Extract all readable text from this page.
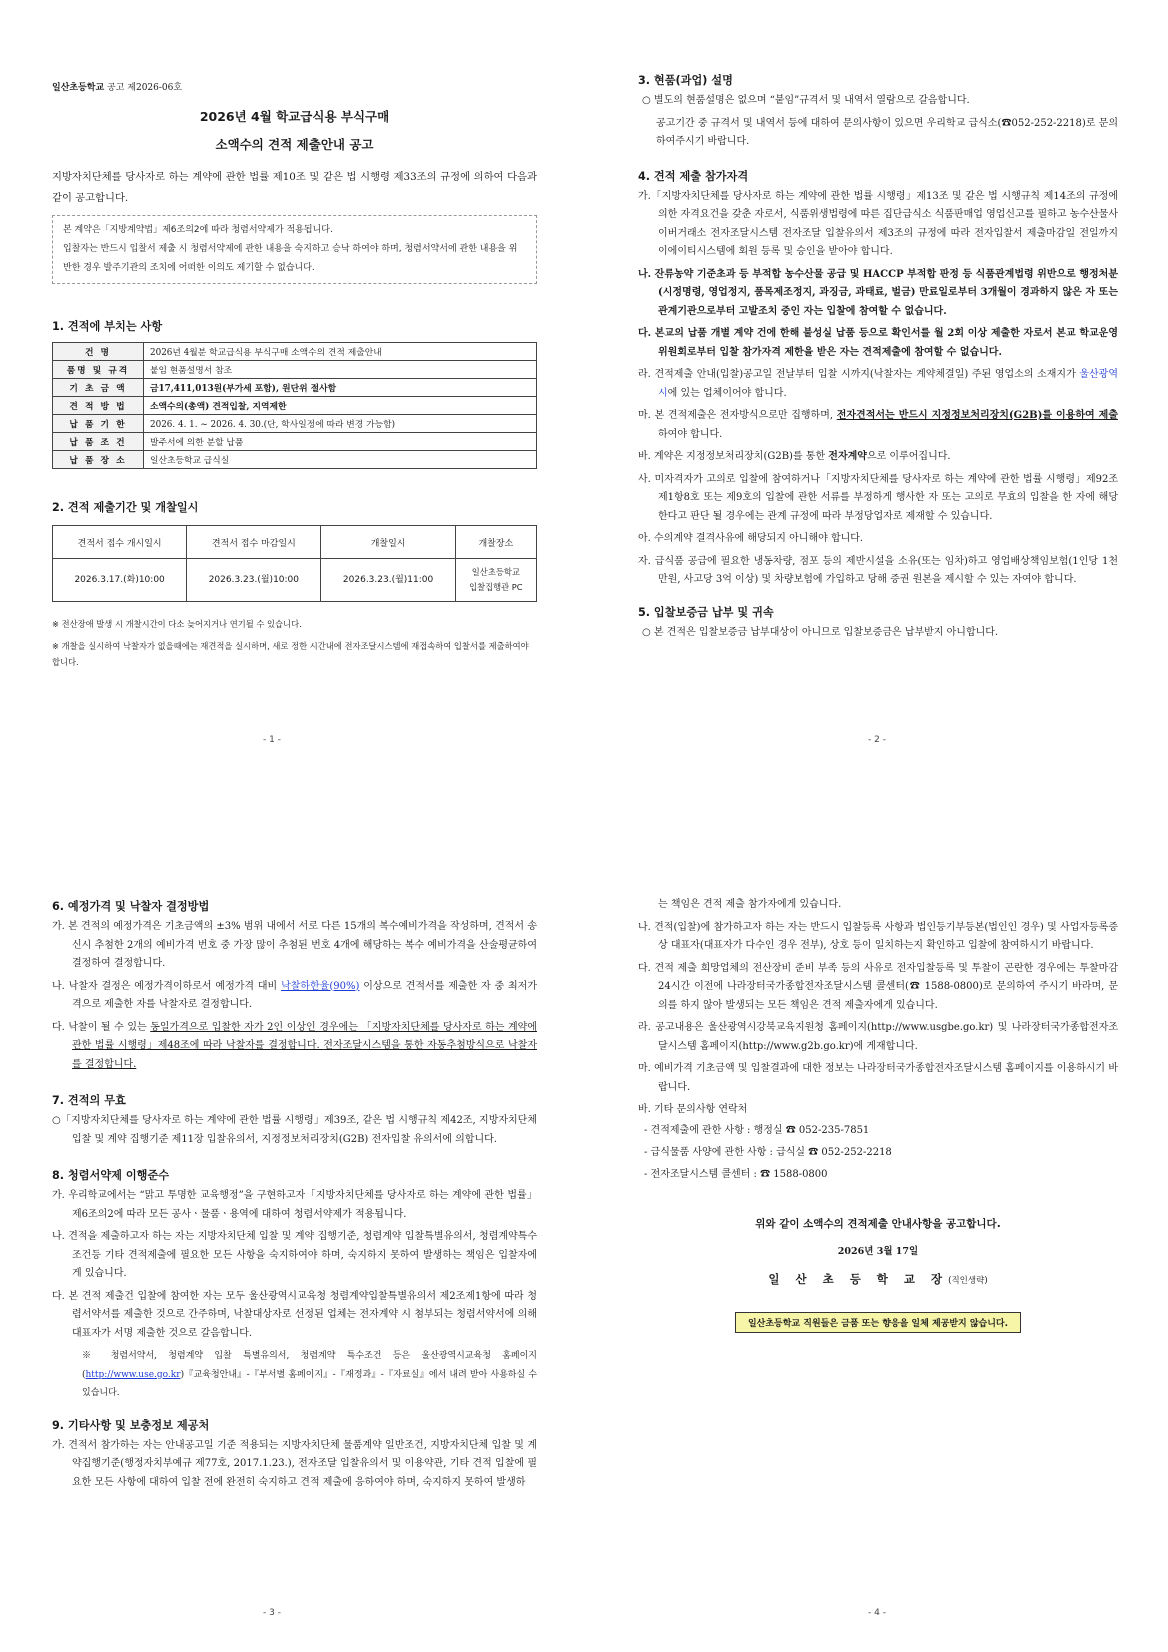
일산초등학교 공고 제2026-06호
2026년 4월 학교급식용 부식구매
소액수의 견적 제출안내 공고
지방자치단체를 당사자로 하는 계약에 관한 법률 제10조 및 같은 법 시행령 제33조의 규정에 의하여 다음과 같이 공고합니다.
본 계약은「지방계약법」제6조의2에 따라 청렴서약제가 적용됩니다.
입찰자는 반드시 입찰서 제출 시 청렴서약제에 관한 내용을 숙지하고 승낙 하여야 하며, 청렴서약서에 관한 내용을 위반한 경우 발주기관의 조치에 어떠한 이의도 제기할 수 없습니다.
1. 견적에 부치는 사항
건 명	2026년 4월분 학교급식용 부식구매 소액수의 견적 제출안내
품명 및 규격	붙임 현품설명서 참조
기 초 금 액	금17,411,013원(부가세 포함), 원단위 절사함
견 적 방 법	소액수의(총액) 견적입찰, 지역제한
납 품 기 한	2026. 4. 1. ~ 2026. 4. 30.(단, 학사일정에 따라 변경 가능함)
납 품 조 건	발주서에 의한 분할 납품
납 품 장 소	일산초등학교 급식실
2. 견적 제출기간 및 개찰일시
견적서 접수 개시일시	견적서 접수 마감일시	개찰일시	개찰장소
2026.3.17.(화)10:00	2026.3.23.(월)10:00	2026.3.23.(월)11:00	일산초등학교
입찰집행관 PC
※ 전산장애 발생 시 개찰시간이 다소 늦어지거나 연기될 수 있습니다.
※ 개찰을 실시하여 낙찰자가 없을때에는 재견적을 실시하며, 새로 정한 시간내에 전자조달시스템에 재접속하여 입찰서를 제출하여야 합니다.
- 1 -
3. 현품(과업) 설명
○ 별도의 현품설명은 없으며 “붙임”규격서 및 내역서 열람으로 갈음합니다.
공고기간 중 규격서 및 내역서 등에 대하여 문의사항이 있으면 우리학교 급식소(☎052-252-2218)로 문의하여주시기 바랍니다.
4. 견적 제출 참가자격
가.「지방자치단체를 당사자로 하는 계약에 관한 법률 시행령」제13조 및 같은 법 시행규칙 제14조의 규정에 의한 자격요건을 갖춘 자로서, 식품위생법령에 따른 집단급식소 식품판매업 영업신고를 필하고 농수산물사이버거래소 전자조달시스템 전자조달 입찰유의서 제3조의 규정에 따라 전자입찰서 제출마감일 전일까지 이에이티시스템에 회원 등록 및 승인을 받아야 합니다.
나. 잔류농약 기준초과 등 부적합 농수산물 공급 및 HACCP 부적합 판정 등 식품관계법령 위반으로 행정처분(시정명령, 영업정지, 품목제조정지, 과징금, 과태료, 벌금) 만료일로부터 3개월이 경과하지 않은 자 또는 관계기관으로부터 고발조치 중인 자는 입찰에 참여할 수 없습니다.
다. 본교의 납품 개별 계약 건에 한해 불성실 납품 등으로 확인서를 월 2회 이상 제출한 자로서 본교 학교운영위원회로부터 입찰 참가자격 제한을 받은 자는 견적제출에 참여할 수 없습니다.
라. 견적제출 안내(입찰)공고일 전날부터 입찰 시까지(낙찰자는 계약체결일) 주된 영업소의 소재지가 울산광역시에 있는 업체이어야 합니다.
마. 본 견적제출은 전자방식으로만 집행하며, 전자견적서는 반드시 지정정보처리장치(G2B)를 이용하여 제출하여야 합니다.
바. 계약은 지정정보처리장치(G2B)를 통한 전자계약으로 이루어집니다.
사. 미자격자가 고의로 입찰에 참여하거나「지방자치단체를 당사자로 하는 계약에 관한 법률 시행령」제92조제1항8호 또는 제9호의 입찰에 관한 서류를 부정하게 행사한 자 또는 고의로 무효의 입찰을 한 자에 해당한다고 판단 될 경우에는 관계 규정에 따라 부정당업자로 제재할 수 있습니다.
아. 수의계약 결격사유에 해당되지 아니해야 합니다.
자. 급식품 공급에 필요한 냉동차량, 점포 등의 제반시설을 소유(또는 임차)하고 영업배상책임보험(1인당 1천만원, 사고당 3억 이상) 및 차량보험에 가입하고 당해 증권 원본을 제시할 수 있는 자여야 합니다.
5. 입찰보증금 납부 및 귀속
○ 본 견적은 입찰보증금 납부대상이 아니므로 입찰보증금은 납부받지 아니합니다.
- 2 -
6. 예정가격 및 낙찰자 결정방법
가. 본 견적의 예정가격은 기초금액의 ±3% 범위 내에서 서로 다른 15개의 복수예비가격을 작성하며, 견적서 송신시 추첨한 2개의 예비가격 번호 중 가장 많이 추첨된 번호 4개에 해당하는 복수 예비가격을 산술평균하여 결정하여 결정합니다.
나. 낙찰자 결정은 예정가격이하로서 예정가격 대비 낙찰하한율(90%) 이상으로 견적서를 제출한 자 중 최저가격으로 제출한 자를 낙찰자로 결정합니다.
다. 낙찰이 될 수 있는 동일가격으로 입찰한 자가 2인 이상인 경우에는 「지방자치단체를 당사자로 하는 계약에 관한 법률 시행령」제48조에 따라 낙찰자를 결정합니다. 전자조달시스템을 통한 자동추첨방식으로 낙찰자를 결정합니다.
7. 견적의 무효
○「지방자치단체를 당사자로 하는 계약에 관한 법률 시행령」제39조, 같은 법 시행규칙 제42조, 지방자치단체 입찰 및 계약 집행기준 제11장 입찰유의서, 지정정보처리장치(G2B) 전자입찰 유의서에 의합니다.
8. 청렴서약제 이행준수
가. 우리학교에서는 “맑고 투명한 교육행정”을 구현하고자「지방자치단체를 당사자로 하는 계약에 관한 법률」제6조의2에 따라 모든 공사ㆍ물품ㆍ용역에 대하여 청렴서약제가 적용됩니다.
나. 견적을 제출하고자 하는 자는 지방자치단체 입찰 및 계약 집행기준, 청렴계약 입찰특별유의서, 청렴계약특수조건등 기타 견적제출에 필요한 모든 사항을 숙지하여야 하며, 숙지하지 못하여 발생하는 책임은 입찰자에게 있습니다.
다. 본 견적 제출건 입찰에 참여한 자는 모두 울산광역시교육청 청렴계약입찰특별유의서 제2조제1항에 따라 청렴서약서를 제출한 것으로 간주하며, 낙찰대상자로 선정된 업체는 전자계약 시 첨부되는 청렴서약서에 의해 대표자가 서명 제출한 것으로 갈음합니다.
※ 청렴서약서, 청렴계약 입찰 특별유의서, 청렴계약 특수조건 등은 울산광역시교육청 홈페이지(http://www.use.go.kr)『교육청안내』-『부서별 홈페이지』-『재정과』-『자료실』에서 내려 받아 사용하실 수 있습니다.
9. 기타사항 및 보충정보 제공처
가. 견적서 참가하는 자는 안내공고일 기준 적용되는 지방자치단체 물품계약 일반조건, 지방자치단체 입찰 및 계약집행기준(행정자치부예규 제77호, 2017.1.23.), 전자조달 입찰유의서 및 이용약관, 기타 견적 입찰에 필요한 모든 사항에 대하여 입찰 전에 완전히 숙지하고 견적 제출에 응하여야 하며, 숙지하지 못하여 발생하
- 3 -
는 책임은 견적 제출 참가자에게 있습니다.
나. 견적(입찰)에 참가하고자 하는 자는 반드시 입찰등록 사항과 법인등기부등본(법인인 경우) 및 사업자등록증상 대표자(대표자가 다수인 경우 전부), 상호 등이 일치하는지 확인하고 입찰에 참여하시기 바랍니다.
다. 견적 제출 희망업체의 전산장비 준비 부족 등의 사유로 전자입찰등록 및 투찰이 곤란한 경우에는 투찰마감 24시간 이전에 나라장터국가종합전자조달시스템 콜센터(☎ 1588-0800)로 문의하여 주시기 바라며, 문의를 하지 않아 발생되는 모든 책임은 견적 제출자에게 있습니다.
라. 공고내용은 울산광역시강북교육지원청 홈페이지(http://www.usgbe.go.kr) 및 나라장터국가종합전자조달시스템 홈페이지(http://www.g2b.go.kr)에 게재합니다.
마. 예비가격 기초금액 및 입찰결과에 대한 정보는 나라장터국가종합전자조달시스템 홈페이지를 이용하시기 바랍니다.
바. 기타 문의사항 연락처
- 견적제출에 관한 사항 : 행정실 ☎ 052-235-7851
- 급식물품 사양에 관한 사항 : 급식실 ☎ 052-252-2218
- 전자조달시스템 콜센터 : ☎ 1588-0800
위와 같이 소액수의 견적제출 안내사항을 공고합니다.
2026년 3월 17일
일 산 초 등 학 교 장(직인생략)
일산초등학교 직원들은 금품 또는 향응을 일체 제공받지 않습니다.
- 4 -
